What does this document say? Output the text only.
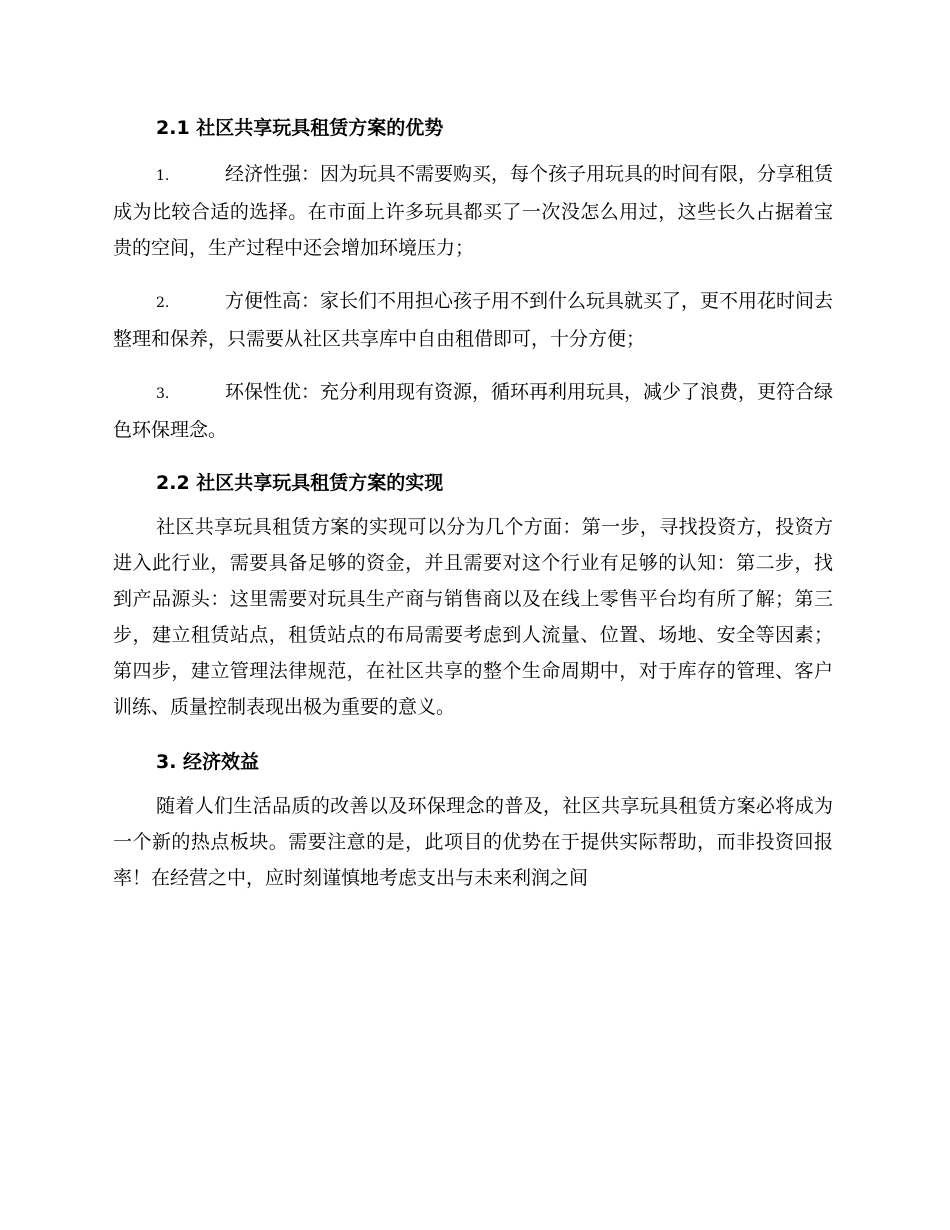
2.1 社区共享玩具租赁方案的优势

1.	经济性强：因为玩具不需要购买，每个孩子用玩具的时间有限，分享租赁成为比较合适的选择。在市面上许多玩具都买了一次没怎么用过，这些长久占据着宝贵的空间，生产过程中还会增加环境压力；

2.	方便性高：家长们不用担心孩子用不到什么玩具就买了，更不用花时间去整理和保养，只需要从社区共享库中自由租借即可，十分方便；

3.	环保性优：充分利用现有资源，循环再利用玩具，减少了浪费，更符合绿色环保理念。

2.2 社区共享玩具租赁方案的实现

社区共享玩具租赁方案的实现可以分为几个方面：第一步，寻找投资方，投资方进入此行业，需要具备足够的资金，并且需要对这个行业有足够的认知：第二步，找到产品源头：这里需要对玩具生产商与销售商以及在线上零售平台均有所了解；第三步，建立租赁站点，租赁站点的布局需要考虑到人流量、位置、场地、安全等因素；第四步，建立管理法律规范，在社区共享的整个生命周期中，对于库存的管理、客户训练、质量控制表现出极为重要的意义。

3. 经济效益

随着人们生活品质的改善以及环保理念的普及，社区共享玩具租赁方案必将成为一个新的热点板块。需要注意的是，此项目的优势在于提供实际帮助，而非投资回报率！在经营之中，应时刻谨慎地考虑支出与未来利润之间
